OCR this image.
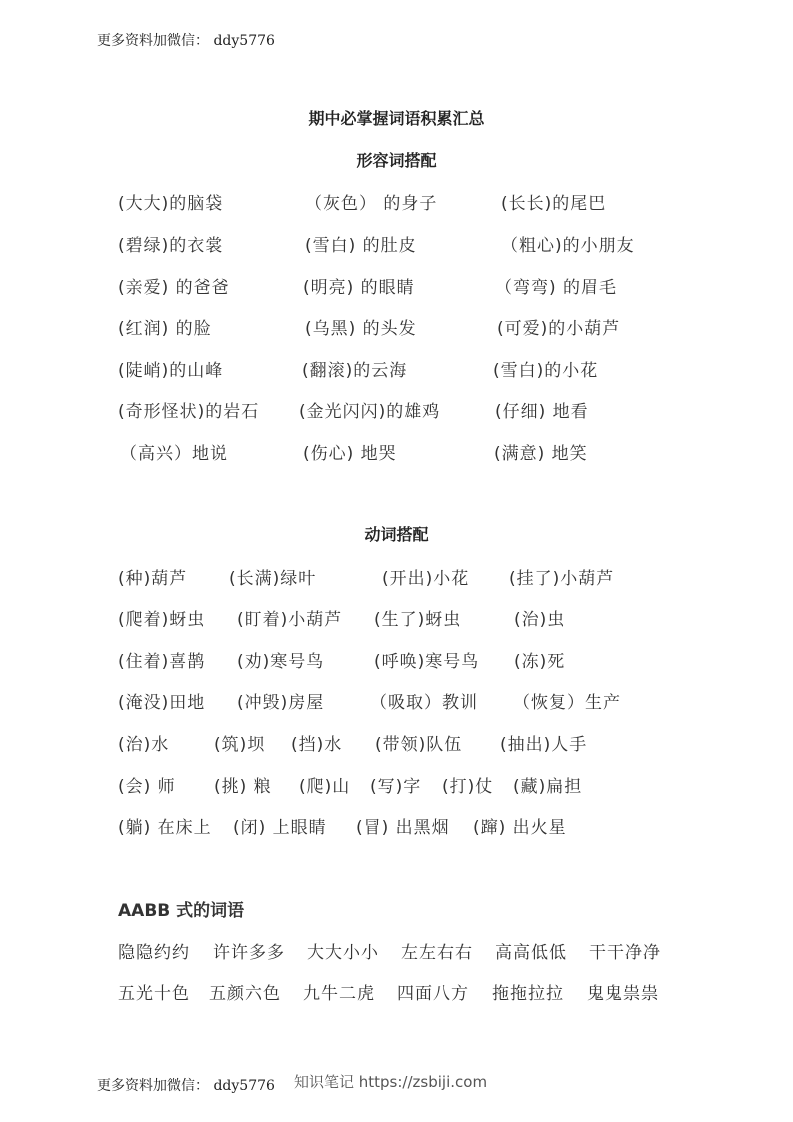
更多资料加微信： ddy5776
期中必掌握词语积累汇总
形容词搭配
(大大)的脑袋	（灰色） 的身子	(长长)的尾巴
(碧绿)的衣裳	(雪白) 的肚皮	（粗心)的小朋友
(亲爱) 的爸爸	(明亮) 的眼睛	（弯弯) 的眉毛
(红润) 的脸	(乌黑) 的头发	(可爱)的小葫芦
(陡峭)的山峰	(翻滚)的云海	(雪白)的小花
(奇形怪状)的岩石 (金光闪闪)的雄鸡	(仔细) 地看
（高兴）地说	(伤心) 地哭	(满意) 地笑
动词搭配
(种)葫芦 (长满)绿叶	(开出)小花 (挂了)小葫芦
(爬着)蚜虫 (盯着)小葫芦 (生了)蚜虫	(治)虫
(住着)喜鹊 (劝)寒号鸟	(呼唤)寒号鸟 (冻)死
(淹没)田地 (冲毁)房屋	（吸取）教训 （恢复）生产
(治)水	(筑)坝 (挡)水 (带领)队伍 (抽出)人手
(会) 师 (挑) 粮 (爬)山 (写)字 (打)仗 (藏)扁担
(躺) 在床上 (闭) 上眼睛 (冒) 出黑烟 (蹿) 出火星
AABB 式的词语
隐隐约约 许许多多 大大小小 左左右右 高高低低 干干净净
五光十色 五颜六色 九牛二虎 四面八方 拖拖拉拉 鬼鬼祟祟
更多资料加微信： ddy5776 知识笔记 https://zsbiji.com
